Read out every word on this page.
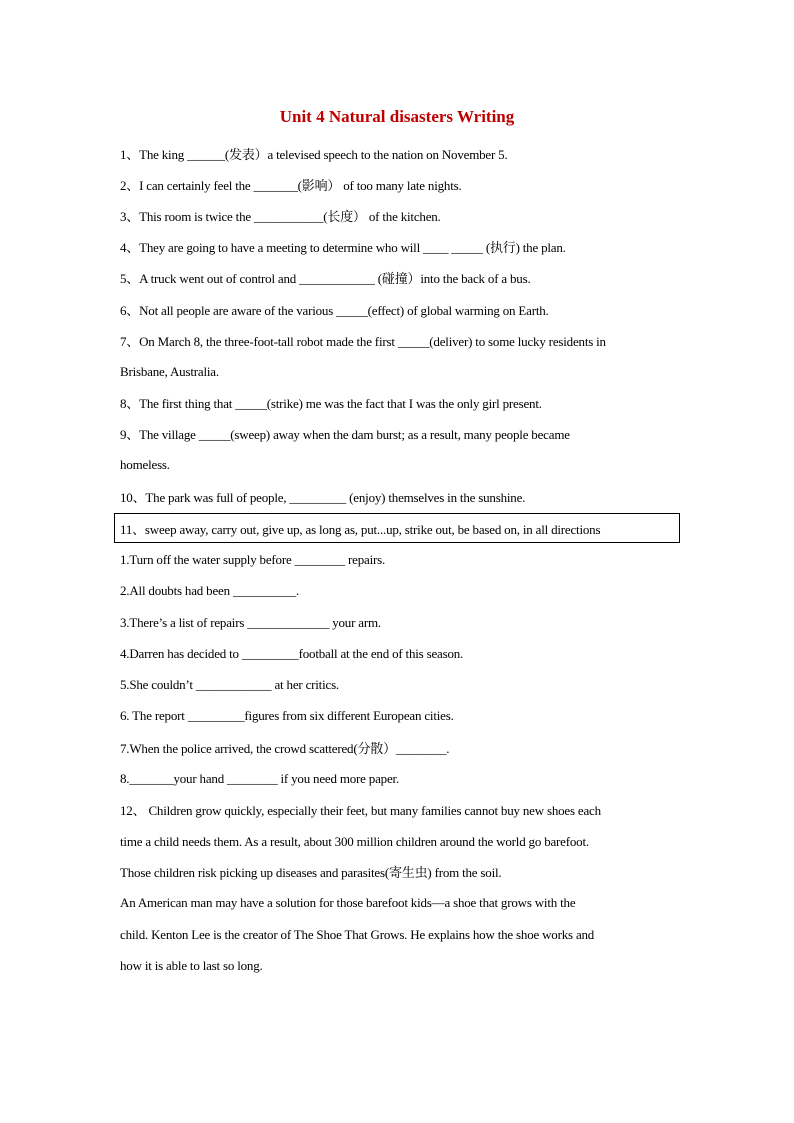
Unit 4 Natural disasters Writing
1、The king ______(发表）a televised speech to the nation on November 5.
2、I can certainly feel the _______(影响） of too many late nights.
3、This room is twice the ___________(长度） of the kitchen.
4、They are going to have a meeting to determine who will ____ _____ (执行) the plan.
5、A truck went out of control and ____________ (碰撞）into the back of a bus.
6、Not all people are aware of the various _____(effect) of global warming on Earth.
7、On March 8, the three-foot-tall robot made the first _____(deliver) to some lucky residents in
Brisbane, Australia.
8、The first thing that _____(strike) me was the fact that I was the only girl present.
9、The village _____(sweep) away when the dam burst; as a result, many people became
homeless.
10、The park was full of people, _________ (enjoy) themselves in the sunshine.
11、sweep away, carry out, give up, as long as, put...up, strike out, be based on, in all directions
1.Turn off the water supply before ________ repairs.
2.All doubts had been __________.
3.There’s a list of repairs _____________ your arm.
4.Darren has decided to _________football at the end of this season.
5.She couldn’t ____________ at her critics.
6. The report _________figures from six different European cities.
7.When the police arrived, the crowd scattered(分散）________.
8._______your hand ________ if you need more paper.
12、 Children grow quickly, especially their feet, but many families cannot buy new shoes each
time a child needs them. As a result, about 300 million children around the world go barefoot.
Those children risk picking up diseases and parasites(寄生虫) from the soil.
An American man may have a solution for those barefoot kids—a shoe that grows with the
child. Kenton Lee is the creator of The Shoe That Grows. He explains how the shoe works and
how it is able to last so long.
